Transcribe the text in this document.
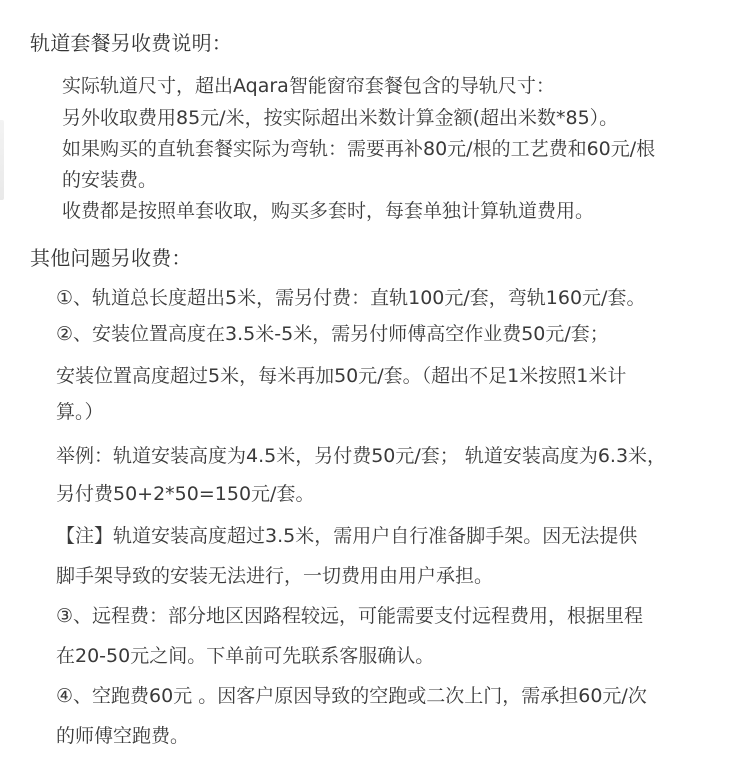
轨道套餐另收费说明：
实际轨道尺寸，超出Aqara智能窗帘套餐包含的导轨尺寸：
另外收取费用85元/米，按实际超出米数计算金额(超出米数*85）。
如果购买的直轨套餐实际为弯轨：需要再补80元/根的工艺费和60元/根
的安装费。
收费都是按照单套收取，购买多套时，每套单独计算轨道费用。
其他问题另收费：
①、轨道总长度超出5米，需另付费：直轨100元/套，弯轨160元/套。
②、安装位置高度在3.5米-5米，需另付师傅高空作业费50元/套；
安装位置高度超过5米，每米再加50元/套。（超出不足1米按照1米计
算。）
举例：轨道安装高度为4.5米，另付费50元/套； 轨道安装高度为6.3米，
另付费50+2*50=150元/套。
【注】轨道安装高度超过3.5米，需用户自行准备脚手架。因无法提供
脚手架导致的安装无法进行，一切费用由用户承担。
③、远程费：部分地区因路程较远，可能需要支付远程费用，根据里程
在20-50元之间。下单前可先联系客服确认。
④、空跑费60元 。因客户原因导致的空跑或二次上门，需承担60元/次
的师傅空跑费。
